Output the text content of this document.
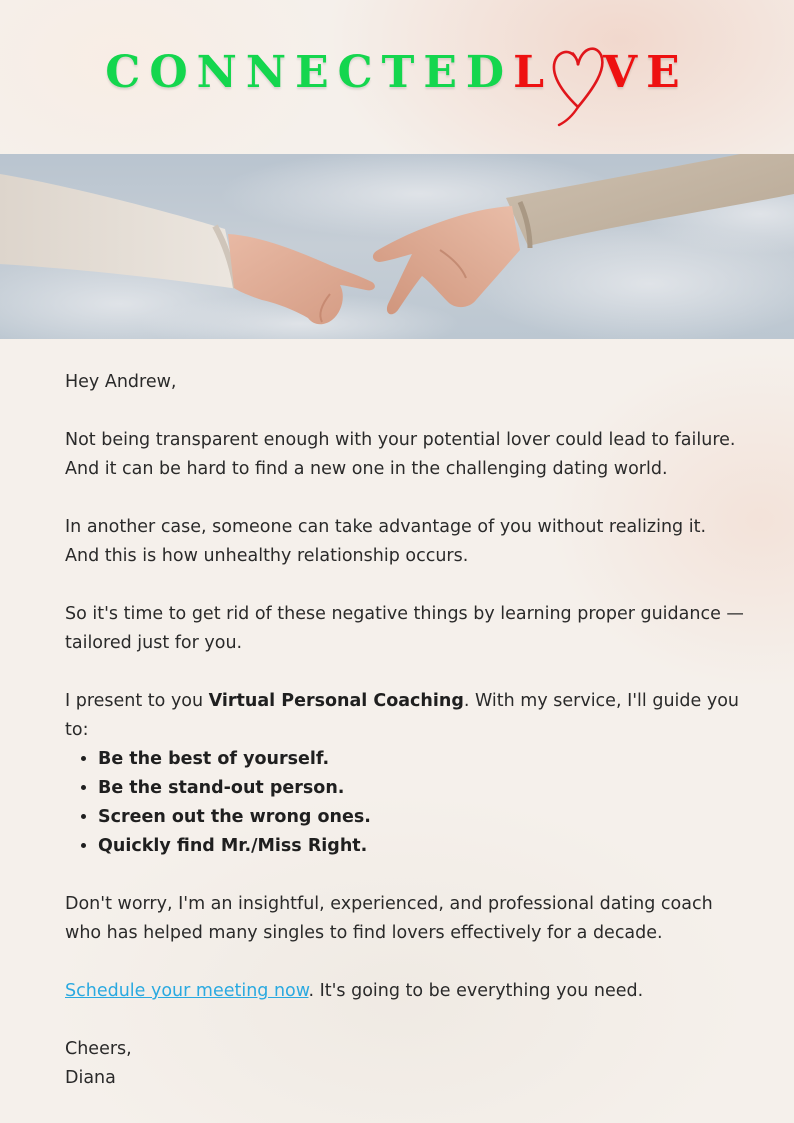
CONNECTEDL VE

Hey Andrew,

Not being transparent enough with your potential lover could lead to failure. And it can be hard to find a new one in the challenging dating world.

In another case, someone can take advantage of you without realizing it. And this is how unhealthy relationship occurs.

So it's time to get rid of these negative things by learning proper guidance — tailored just for you.

I present to you Virtual Personal Coaching. With my service, I'll guide you to:

• Be the best of yourself.
• Be the stand-out person.
• Screen out the wrong ones.
• Quickly find Mr./Miss Right.

Don't worry, I'm an insightful, experienced, and professional dating coach who has helped many singles to find lovers effectively for a decade.

Schedule your meeting now. It's going to be everything you need.

Cheers,

Diana
